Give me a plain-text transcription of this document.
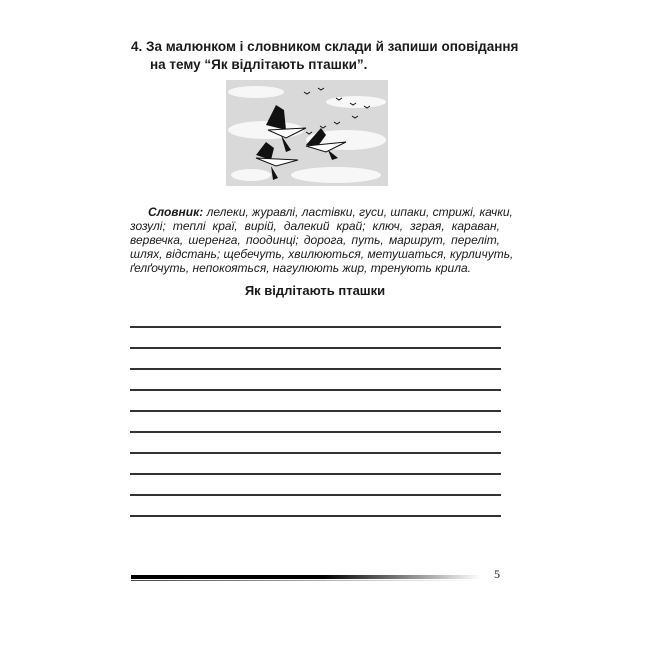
4. За малюнком і словником склади й запиши оповідання
на тему “Як відлітають пташки”.
Словник: лелеки, журавлі, ластівки, гуси, шпаки, стрижі, качки,
зозулі; теплі краї, вирій, далекий край; ключ, зграя, караван,
вервечка, шеренга, поодинці; дорога, путь, маршрут, переліт,
шлях, відстань; щебечуть, хвилюються, метушаться, курличуть,
ґелґочуть, непокояться, нагулюють жир, тренують крила.
Як відлітають пташки
5
